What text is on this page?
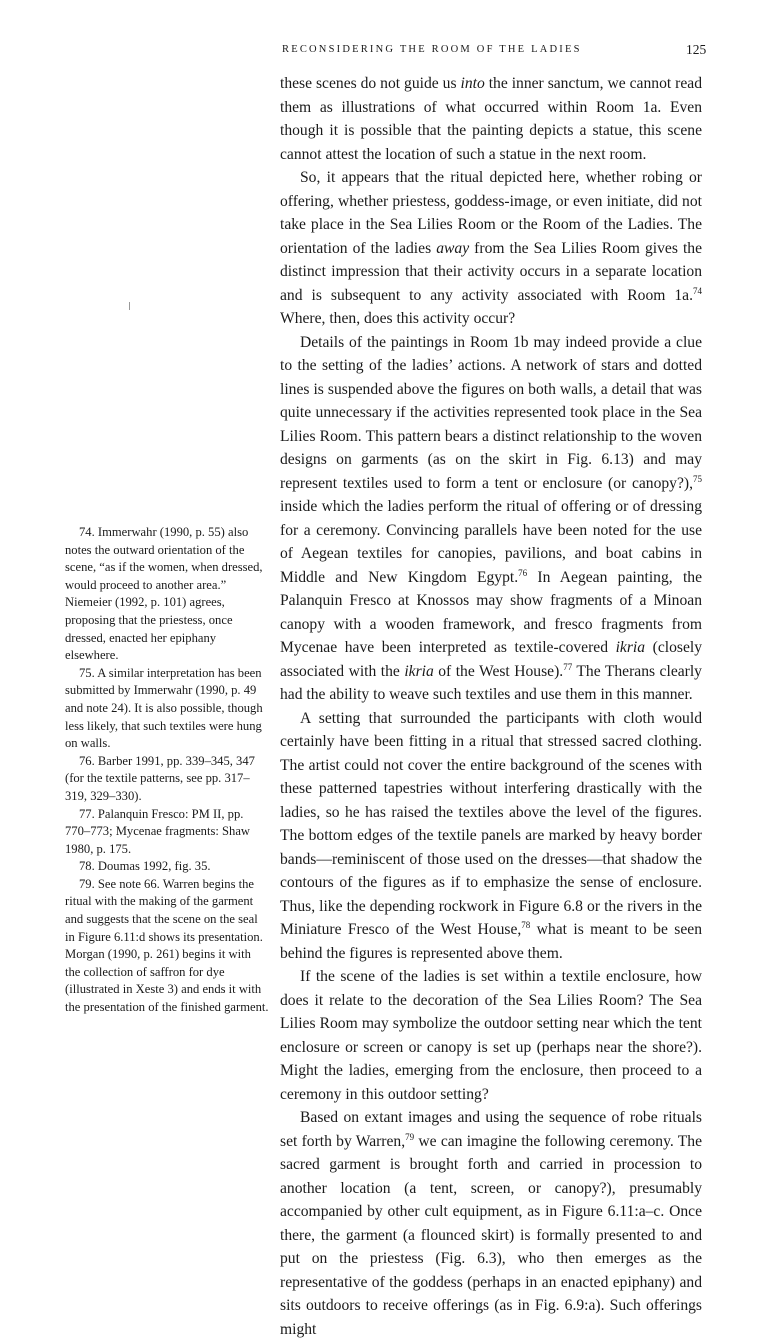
RECONSIDERING THE ROOM OF THE LADIES	125

these scenes do not guide us into the inner sanctum, we cannot read them as illustrations of what occurred within Room 1a. Even though it is possible that the painting depicts a statue, this scene cannot attest the location of such a statue in the next room.

So, it appears that the ritual depicted here, whether robing or offering, whether priestess, goddess-image, or even initiate, did not take place in the Sea Lilies Room or the Room of the Ladies. The orientation of the ladies away from the Sea Lilies Room gives the distinct impression that their activity occurs in a separate location and is subsequent to any activity associated with Room 1a.$^{74}$ Where, then, does this activity occur?

Details of the paintings in Room 1b may indeed provide a clue to the setting of the ladies’ actions. A network of stars and dotted lines is suspended above the figures on both walls, a detail that was quite unnecessary if the activities represented took place in the Sea Lilies Room. This pattern bears a distinct relationship to the woven designs on garments (as on the skirt in Fig. 6.13) and may represent textiles used to form a tent or enclosure (or canopy?),$^{75}$ inside which the ladies perform the ritual of offering or of dressing for a ceremony. Convincing parallels have been noted for the use of Aegean textiles for canopies, pavilions, and boat cabins in Middle and New Kingdom Egypt.$^{76}$ In Aegean painting, the Palanquin Fresco at Knossos may show fragments of a Minoan canopy with a wooden framework, and fresco fragments from Mycenae have been interpreted as textile-covered ikria (closely associated with the ikria of the West House).$^{77}$ The Therans clearly had the ability to weave such textiles and use them in this manner.

A setting that surrounded the participants with cloth would certainly have been fitting in a ritual that stressed sacred clothing. The artist could not cover the entire background of the scenes with these patterned tapestries without interfering drastically with the ladies, so he has raised the textiles above the level of the figures. The bottom edges of the textile panels are marked by heavy border bands—reminiscent of those used on the dresses—that shadow the contours of the figures as if to emphasize the sense of enclosure. Thus, like the depending rockwork in Figure 6.8 or the rivers in the Miniature Fresco of the West House,$^{78}$ what is meant to be seen behind the figures is represented above them.

If the scene of the ladies is set within a textile enclosure, how does it relate to the decoration of the Sea Lilies Room? The Sea Lilies Room may symbolize the outdoor setting near which the tent enclosure or screen or canopy is set up (perhaps near the shore?). Might the ladies, emerging from the enclosure, then proceed to a ceremony in this outdoor setting?

Based on extant images and using the sequence of robe rituals set forth by Warren,$^{79}$ we can imagine the following ceremony. The sacred garment is brought forth and carried in procession to another location (a tent, screen, or canopy?), presumably accompanied by other cult equipment, as in Figure 6.11:a–c. Once there, the garment (a flounced skirt) is formally presented to and put on the priestess (Fig. 6.3), who then emerges as the representative of the goddess (perhaps in an enacted epiphany) and sits outdoors to receive offerings (as in Fig. 6.9:a). Such offerings might

74. Immerwahr (1990, p. 55) also notes the outward orientation of the scene, “as if the women, when dressed, would proceed to another area.” Niemeier (1992, p. 101) agrees, proposing that the priestess, once dressed, enacted her epiphany elsewhere.

75. A similar interpretation has been submitted by Immerwahr (1990, p. 49 and note 24). It is also possible, though less likely, that such textiles were hung on walls.

76. Barber 1991, pp. 339–345, 347 (for the textile patterns, see pp. 317–319, 329–330).

77. Palanquin Fresco: PM II, pp. 770–773; Mycenae fragments: Shaw 1980, p. 175.

78. Doumas 1992, fig. 35.

79. See note 66. Warren begins the ritual with the making of the garment and suggests that the scene on the seal in Figure 6.11:d shows its presentation. Morgan (1990, p. 261) begins it with the collection of saffron for dye (illustrated in Xeste 3) and ends it with the presentation of the finished garment.
